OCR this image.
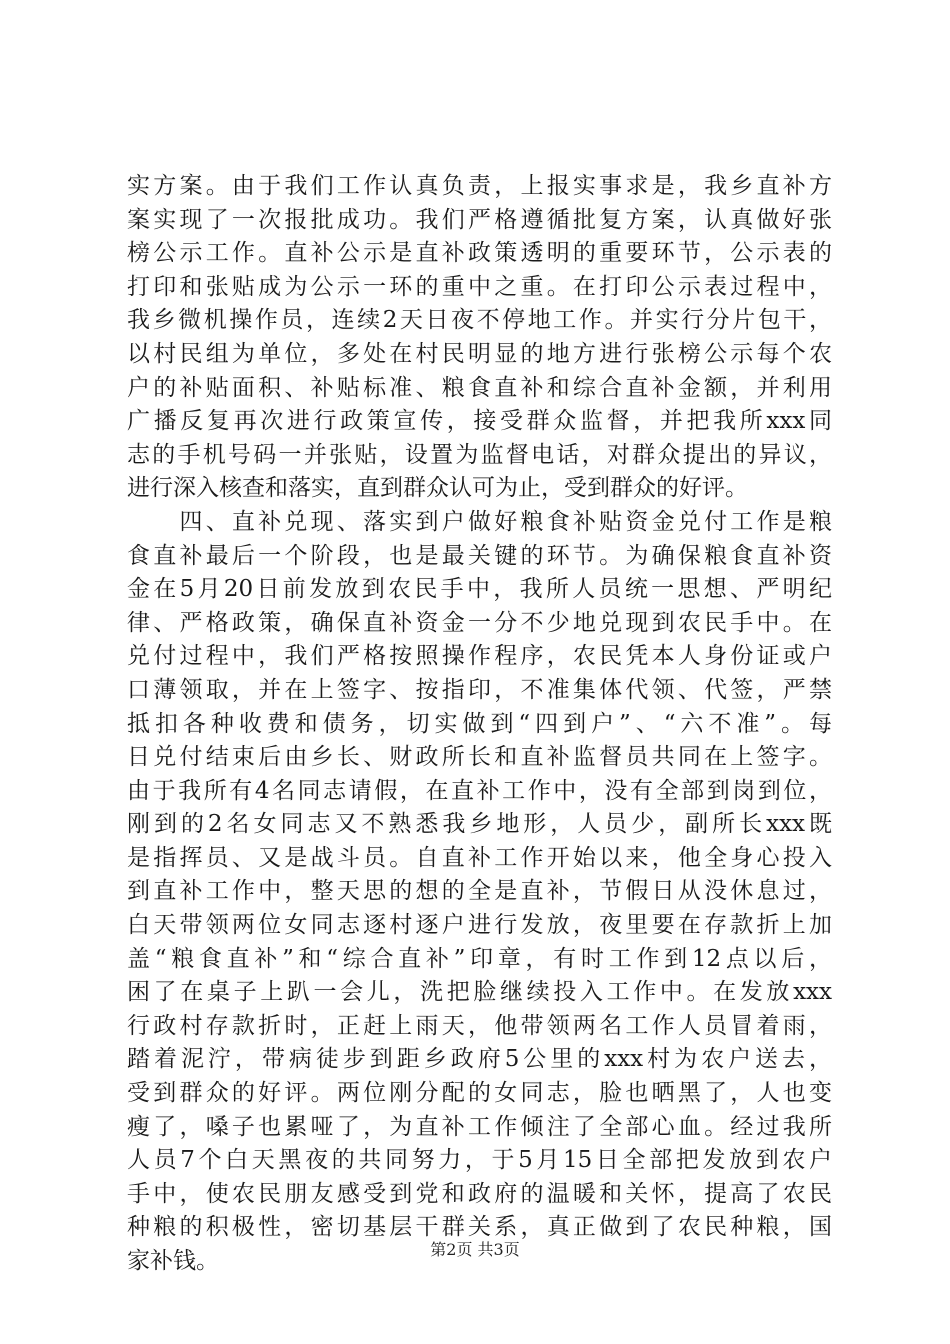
实方案。由于我们工作认真负责，上报实事求是，我乡直补方
案实现了一次报批成功。我们严格遵循批复方案，认真做好张
榜公示工作。直补公示是直补政策透明的重要环节，公示表的
打印和张贴成为公示一环的重中之重。在打印公示表过程中，
我乡微机操作员，连续2天日夜不停地工作。并实行分片包干，
以村民组为单位，多处在村民明显的地方进行张榜公示每个农
户的补贴面积、补贴标准、粮食直补和综合直补金额，并利用
广播反复再次进行政策宣传，接受群众监督，并把我所xxx同
志的手机号码一并张贴，设置为监督电话，对群众提出的异议，
进行深入核查和落实，直到群众认可为止，受到群众的好评。
　　四、直补兑现、落实到户做好粮食补贴资金兑付工作是粮
食直补最后一个阶段，也是最关键的环节。为确保粮食直补资
金在5月20日前发放到农民手中，我所人员统一思想、严明纪
律、严格政策，确保直补资金一分不少地兑现到农民手中。在
兑付过程中，我们严格按照操作程序，农民凭本人身份证或户
口薄领取，并在上签字、按指印，不准集体代领、代签，严禁
抵扣各种收费和债务，切实做到“四到户”、“六不准”。每
日兑付结束后由乡长、财政所长和直补监督员共同在上签字。
由于我所有4名同志请假，在直补工作中，没有全部到岗到位，
刚到的2名女同志又不熟悉我乡地形，人员少，副所长xxx既
是指挥员、又是战斗员。自直补工作开始以来，他全身心投入
到直补工作中，整天思的想的全是直补，节假日从没休息过，
白天带领两位女同志逐村逐户进行发放，夜里要在存款折上加
盖“粮食直补”和“综合直补”印章，有时工作到12点以后，
困了在桌子上趴一会儿，洗把脸继续投入工作中。在发放xxx
行政村存款折时，正赶上雨天，他带领两名工作人员冒着雨，
踏着泥泞，带病徒步到距乡政府5公里的xxx村为农户送去，
受到群众的好评。两位刚分配的女同志，脸也晒黑了，人也变
瘦了，嗓子也累哑了，为直补工作倾注了全部心血。经过我所
人员7个白天黑夜的共同努力，于5月15日全部把发放到农户
手中，使农民朋友感受到党和政府的温暖和关怀，提高了农民
种粮的积极性，密切基层干群关系，真正做到了农民种粮，国
家补钱。	第2页 共3页
